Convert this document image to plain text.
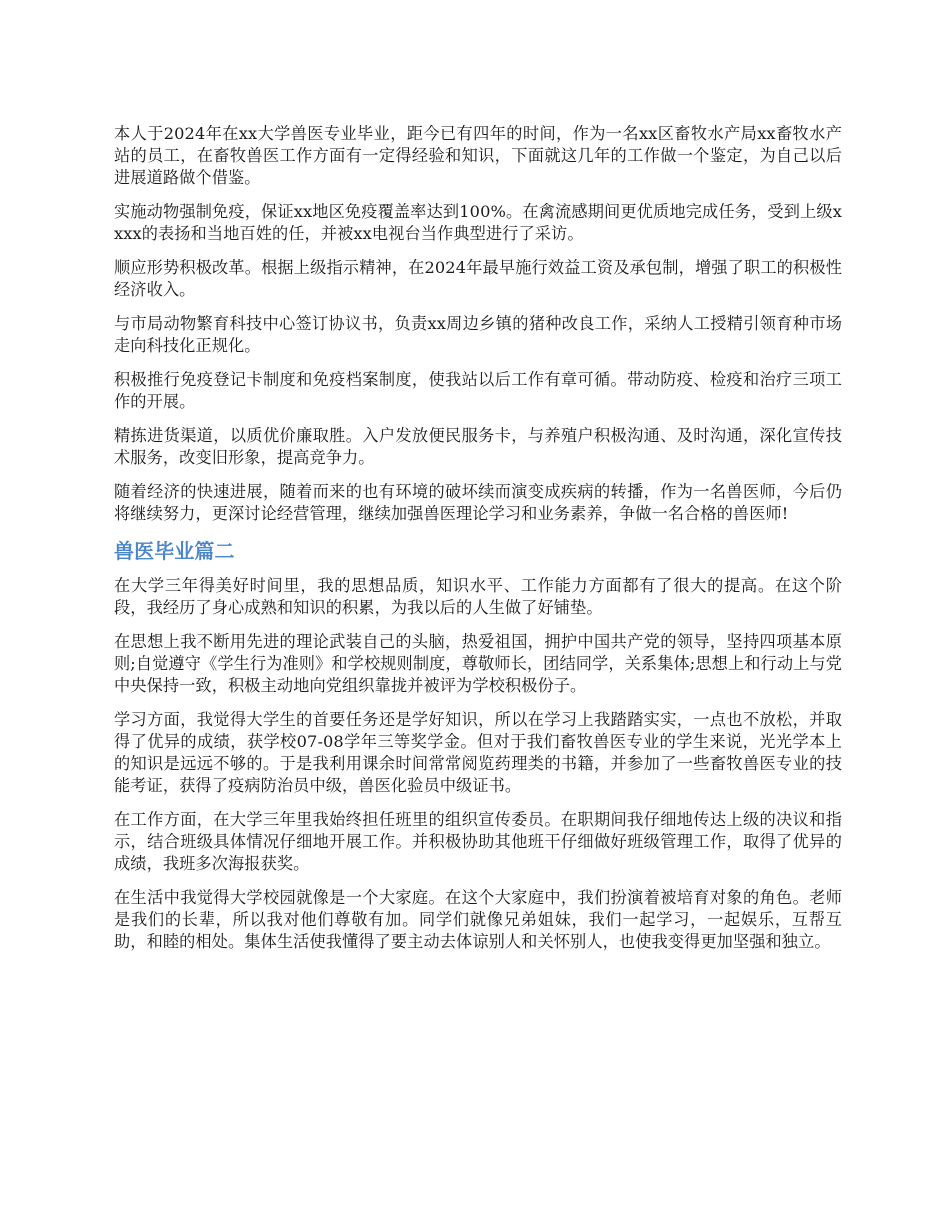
本人于2024年在xx大学兽医专业毕业，距今已有四年的时间，作为一名xx区畜牧水产局xx畜牧水产站的员工，在畜牧兽医工作方面有一定得经验和知识，下面就这几年的工作做一个鉴定，为自己以后进展道路做个借鉴。

实施动物强制免疫，保证xx地区免疫覆盖率达到100%。在禽流感期间更优质地完成任务，受到上级xxxx的表扬和当地百姓的任，并被xx电视台当作典型进行了采访。

顺应形势积极改革。根据上级指示精神，在2024年最早施行效益工资及承包制，增强了职工的积极性经济收入。

与市局动物繁育科技中心签订协议书，负责xx周边乡镇的猪种改良工作，采纳人工授精引领育种市场走向科技化正规化。

积极推行免疫登记卡制度和免疫档案制度，使我站以后工作有章可循。带动防疫、检疫和治疗三项工作的开展。

精拣进货渠道，以质优价廉取胜。入户发放便民服务卡，与养殖户积极沟通、及时沟通，深化宣传技术服务，改变旧形象，提高竞争力。

随着经济的快速进展，随着而来的也有环境的破坏续而演变成疾病的转播，作为一名兽医师，今后仍将继续努力，更深讨论经营管理，继续加强兽医理论学习和业务素养，争做一名合格的兽医师!

兽医毕业篇二

在大学三年得美好时间里，我的思想品质，知识水平、工作能力方面都有了很大的提高。在这个阶段，我经历了身心成熟和知识的积累，为我以后的人生做了好铺垫。

在思想上我不断用先进的理论武装自己的头脑，热爱祖国，拥护中国共产党的领导，坚持四项基本原则;自觉遵守《学生行为准则》和学校规则制度，尊敬师长，团结同学，关系集体;思想上和行动上与党中央保持一致，积极主动地向党组织靠拢并被评为学校积极份子。

学习方面，我觉得大学生的首要任务还是学好知识，所以在学习上我踏踏实实，一点也不放松，并取得了优异的成绩，获学校07-08学年三等奖学金。但对于我们畜牧兽医专业的学生来说，光光学本上的知识是远远不够的。于是我利用课余时间常常阅览药理类的书籍，并参加了一些畜牧兽医专业的技能考证，获得了疫病防治员中级，兽医化验员中级证书。

在工作方面，在大学三年里我始终担任班里的组织宣传委员。在职期间我仔细地传达上级的决议和指示，结合班级具体情况仔细地开展工作。并积极协助其他班干仔细做好班级管理工作，取得了优异的成绩，我班多次海报获奖。

在生活中我觉得大学校园就像是一个大家庭。在这个大家庭中，我们扮演着被培育对象的角色。老师是我们的长辈，所以我对他们尊敬有加。同学们就像兄弟姐妹，我们一起学习，一起娱乐，互帮互助，和睦的相处。集体生活使我懂得了要主动去体谅别人和关怀别人，也使我变得更加坚强和独立。
